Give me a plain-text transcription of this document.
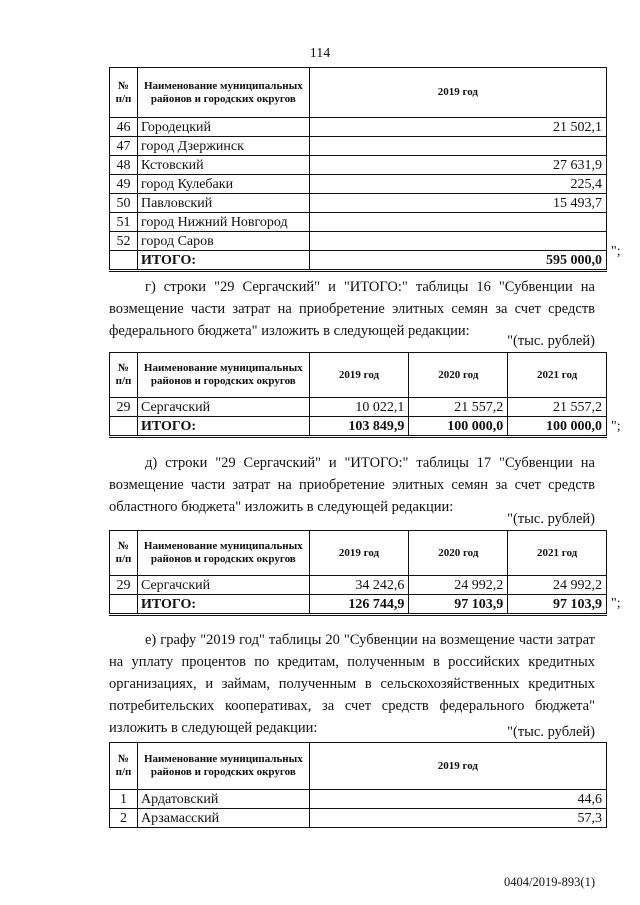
114
№ п/п	Наименование муниципальных районов и городских округов	2019 год
46	Городецкий	21 502,1
47	город Дзержинск	
48	Кстовский	27 631,9
49	город Кулебаки	225,4
50	Павловский	15 493,7
51	город Нижний Новгород	
52	город Саров	
	ИТОГО:	595 000,0
";
г) строки "29 Сергачский" и "ИТОГО:" таблицы 16 "Субвенции на возмещение части затрат на приобретение элитных семян за счет средств федерального бюджета" изложить в следующей редакции:
"(тыс. рублей)
№ п/п	Наименование муниципальных районов и городских округов	2019 год	2020 год	2021 год
29	Сергачский	10 022,1	21 557,2	21 557,2
	ИТОГО:	103 849,9	100 000,0	100 000,0 ";
д) строки "29 Сергачский" и "ИТОГО:" таблицы 17 "Субвенции на возмещение части затрат на приобретение элитных семян за счет средств областного бюджета" изложить в следующей редакции:
"(тыс. рублей)
№ п/п	Наименование муниципальных районов и городских округов	2019 год	2020 год	2021 год
29	Сергачский	34 242,6	24 992,2	24 992,2
	ИТОГО:	126 744,9	97 103,9	97 103,9 ";
е) графу "2019 год" таблицы 20 "Субвенции на возмещение части затрат на уплату процентов по кредитам, полученным в российских кредитных организациях, и займам, полученным в сельскохозяйственных кредитных потребительских кооперативах, за счет средств федерального бюджета" изложить в следующей редакции:	"(тыс. рублей)
№ п/п	Наименование муниципальных районов и городских округов	2019 год
1	Ардатовский	44,6
2	Арзамасский	57,3
0404/2019-893(1)
